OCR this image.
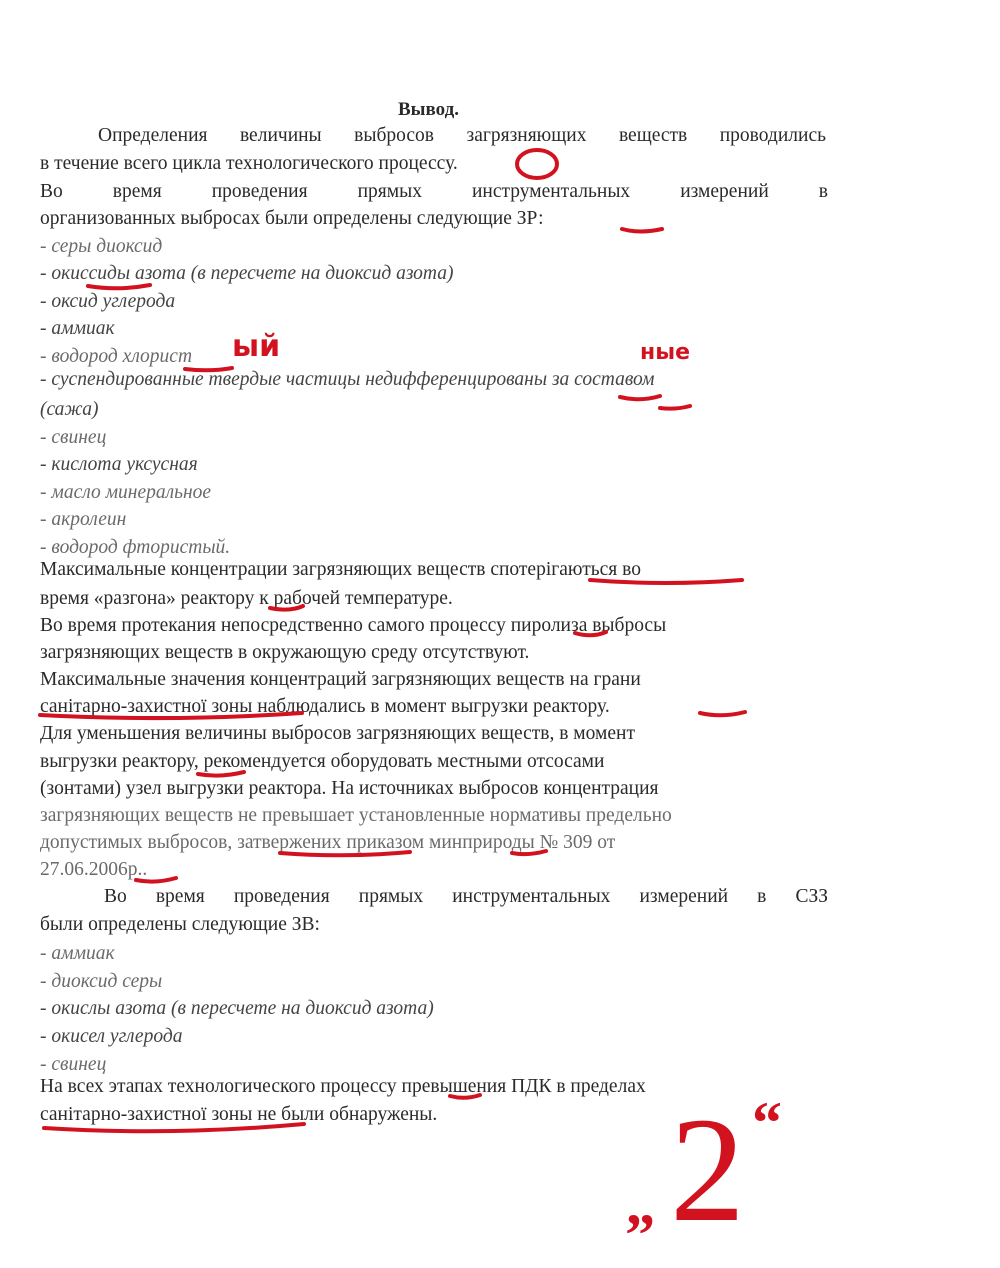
Вывод.
Определения величины выбросов загрязняющих веществ проводились
в течение всего цикла технологического процессу.
Во время проведения прямых инструментальных измерений в
организованных выбросах были определены следующие ЗР:
- серы диоксид
- окисcиды азота (в пересчете на диоксид азота)
- оксид углерода
- аммиак
- водород хлорист
- суспендированные твердые частицы недифференцированы за составом
(сажа)
- свинец
- кислота уксусная
- масло минеральное
- акролеин
- водород фтористый.
Максимальные концентрации загрязняющих веществ спотерігаються во
время «разгона» реактору к рабочей температуре.
Во время протекания непосредственно самого процессу пиролиза выбросы
загрязняющих веществ в окружающую среду отсутствуют.
Максимальные значения концентраций загрязняющих веществ на грани
санітарно-захистної зоны наблюдались в момент выгрузки реактору.
Для уменьшения величины выбросов загрязняющих веществ, в момент
выгрузки реактору, рекомендуется оборудовать местными отсосами
(зонтами) узел выгрузки реактора. На источниках выбросов концентрация
загрязняющих веществ не превышает установленные нормативы предельно
допустимых выбросов, затвержених приказом минприроды № 309 от
27.06.2006р..
Во время проведения прямых инструментальных измерений в СЗЗ
были определены следующие ЗВ:
- аммиак
- диоксид серы
- окислы азота (в пересчете на диоксид азота)
- окисел углерода
- свинец
На всех этапах технологического процессу превышения ПДК в пределах
санітарно-захистної зоны не были обнаружены.
ый	ные
“
2
”
